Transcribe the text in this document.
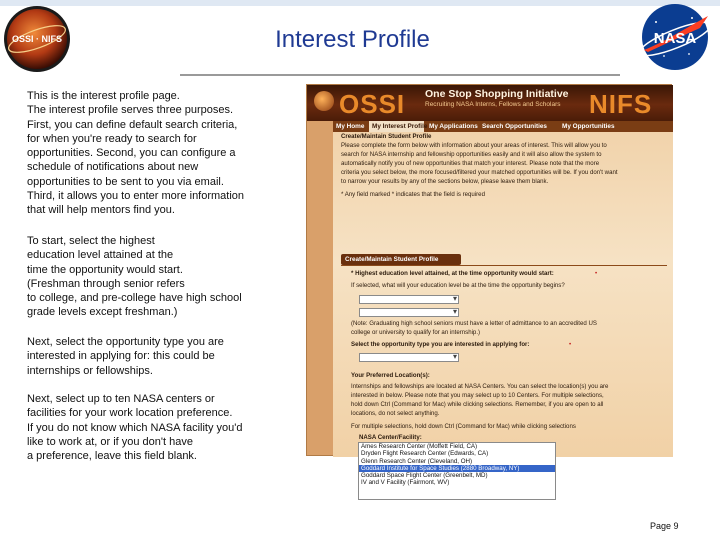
OSSI · NIFS	NASA
Interest Profile
This is the interest profile page.
The interest profile serves three purposes.
First, you can define default search criteria,
for when you're ready to search for
opportunities. Second, you can configure a
schedule of notifications about new
opportunities to be sent to you via email.
Third, it allows you to enter more information
that will help mentors find you.
To start, select the highest
education level attained at the
time the opportunity would start.
(Freshman through senior refers
to college, and pre-college have high school
grade levels except freshman.)
Next, select the opportunity type you are
interested in applying for: this could be
internships or fellowships.
Next, select up to ten NASA centers or
facilities for your work location preference.
If you do not know which NASA facility you'd
like to work at, or if you don't have
a preference, leave this field blank.
OSSI One Stop Shopping Initiative
Recruiting NASA Interns, Fellows and Scholars	NIFS
My Home	My Interest Profile My Applications Search Opportunities	My Opportunities
Create/Maintain Student Profile
Please complete the form below with information about your areas of interest. This will allow you to
search for NASA internship and fellowship opportunities easily and it will also allow the system to
automatically notify you of new opportunities that match your interest. Please note that the more
criteria you select below, the more focused/filtered your matched opportunities will be. If you don't want
to narrow your results by any of the sections below, please leave them blank.
* Any field marked * indicates that the field is required
Create/Maintain Student Profile
* Highest education level attained, at the time opportunity would start:	•
If selected, what will your education level be at the time the opportunity begins?
▾
▾
(Note: Graduating high school seniors must have a letter of admittance to an accredited US
college or university to qualify for an internship.)
Select the opportunity type you are interested in applying for:	•
▾
Your Preferred Location(s):
Internships and fellowships are located at NASA Centers. You can select the location(s) you are
interested in below. Please note that you may select up to 10 Centers. For multiple selections,
hold down Ctrl (Command for Mac) while clicking selections. Remember, if you are open to all
locations, do not select anything.
For multiple selections, hold down Ctrl (Command for Mac) while clicking selections
NASA Center/Facility:
Ames Research Center (Moffett Field, CA)
Dryden Flight Research Center (Edwards, CA)
Glenn Research Center (Cleveland, OH)
Goddard Institute for Space Studies (2880 Broadway, NY)
Goddard Space Flight Center (Greenbelt, MD)
IV and V Facility (Fairmont, WV)
Page 9
